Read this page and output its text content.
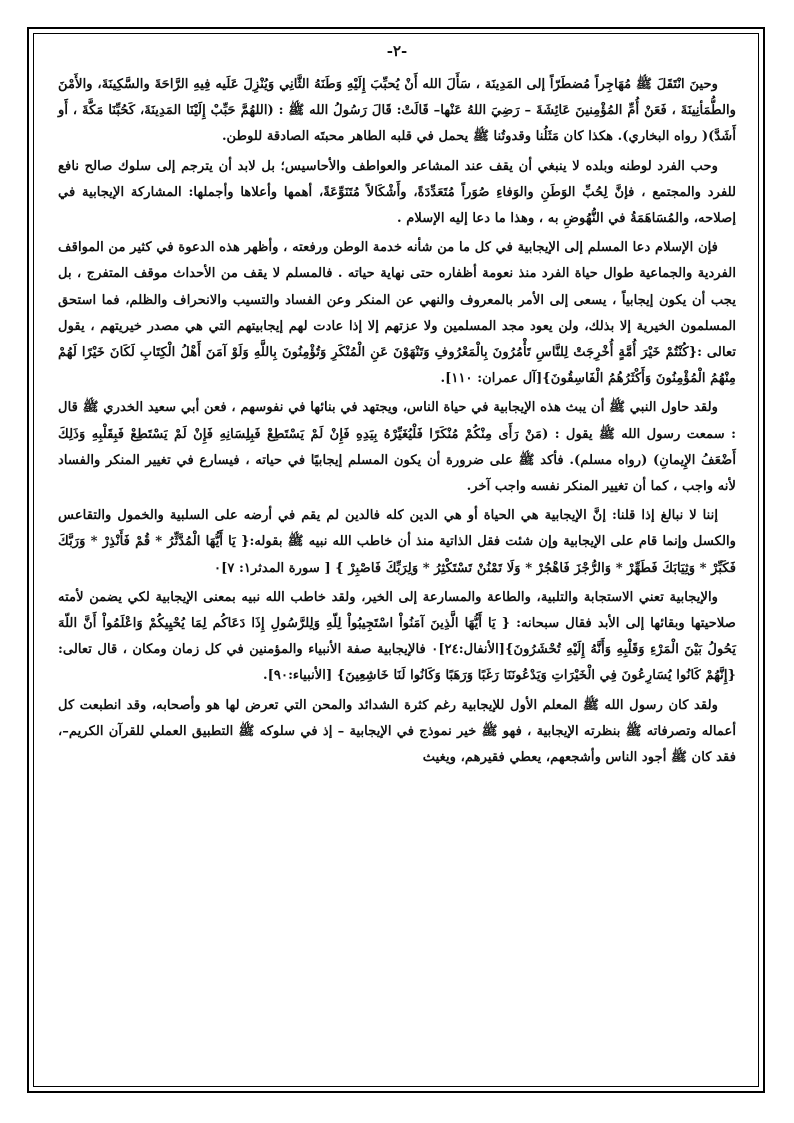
-٢-

وحينَ انْتَقَلَ ﷺ مُهَاجِراً مُضطَرّاً إلى المَدِينَة ، سَأَلَ الله أَنْ يُحبِّبَ إِلَيْهِ وَطَنَهُ الثَّانِي وَيُنْزِلَ عَلَيه فِيهِ الرَّاحَةَ والسَّكِينَةَ، والأَمْنَ والطُّمَأنِينَةَ ، فَعَنْ أُمِّ المُؤْمِنينَ عَائِشَةَ – رَضِيَ اللهُ عَنْها– قَالَتْ: قَالَ رَسُولُ الله ﷺ : (اللهُمَّ حَبِّبْ إِلَيْنَا المَدِينَةَ، كَحُبِّنَا مَكَّةَ ، أَو أَشَدَّ)( رواه البخاري). هكذا كان مَثَلُنا وقدوتُنا ﷺ يحمل في قلبه الطاهر محبتَه الصادقة للوطن.

وحب الفرد لوطنه وبلده لا ينبغي أن يقف عند المشاعر والعواطف والأحاسيس؛ بل لابد أن يترجم إلى سلوك صالح نافع للفرد والمجتمع ، فإنَّ لِحُبِّ الوَطَنِ والوَفاءِ صُوَراً مُتَعَدِّدَةً، وأَشْكَالاً مُتَنَوِّعَةً، أهمها وأعلاها وأجملها: المشاركة الإيجابية في إصلاحه، والمُسَاهَمَةُ في النُّهُوضِ به ، وهذا ما دعا إليه الإسلام .

فإن الإسلام دعا المسلم إلى الإيجابية في كل ما من شأنه خدمة الوطن ورفعته ، وأظهر هذه الدعوة في كثير من المواقف الفردية والجماعية طوال حياة الفرد منذ نعومة أظفاره حتى نهاية حياته . فالمسلم لا يقف من الأحداث موقف المتفرج ، بل يجب أن يكون إيجابياً ، يسعى إلى الأمر بالمعروف والنهي عن المنكر وعن الفساد والتسيب والانحراف والظلم، فما استحق المسلمون الخيرية إلا بذلك، ولن يعود مجد المسلمين ولا عزتهم إلا إذا عادت لهم إيجابيتهم التي هي مصدر خيريتهم ، يقول تعالى :{كُنْتُمْ خَيْرَ أُمَّةٍ أُخْرِجَتْ لِلنَّاسِ تَأْمُرُونَ بِالْمَعْرُوفِ وَتَنْهَوْنَ عَنِ الْمُنْكَرِ وَتُؤْمِنُونَ بِاللَّهِ وَلَوْ آمَنَ أَهْلُ الْكِتَابِ لَكَانَ خَيْرًا لَهُمْ مِنْهُمُ الْمُؤْمِنُونَ وَأَكْثَرُهُمُ الْفَاسِقُونَ}[آل عمران: ١١٠].

ولقد حاول النبي ﷺ أن يبث هذه الإيجابية في حياة الناس، ويجتهد في بنائها في نفوسهم ، فعن أبي سعيد الخدري ﷺ قال : سمعت رسول الله ﷺ يقول : (مَنْ رَأَى مِنْكُمْ مُنْكَرًا فَلْيُغَيِّرْهُ بِيَدِهِ فَإِنْ لَمْ يَسْتَطِعْ فَبِلِسَانِهِ فَإِنْ لَمْ يَسْتَطِعْ فَبِقَلْبِهِ وَذَلِكَ أَضْعَفُ الإِيمانِ) (رواه مسلم). فأكد ﷺ على ضرورة أن يكون المسلم إيجابيًا في حياته ، فيسارع في تغيير المنكر والفساد لأنه واجب ، كما أن تغيير المنكر نفسه واجب آخر.

إننا لا نبالغ إذا قلنا: إنَّ الإيجابية هي الحياة أو هي الدين كله فالدين لم يقم في أرضه على السلبية والخمول والتقاعس والكسل وإنما قام على الإيجابية وإن شئت فقل الذاتية منذ أن خاطب الله نبيه ﷺ بقوله:{ يَا أَيُّهَا الْمُدَّثِّرُ * قُمْ فَأَنْذِرْ * وَرَبَّكَ فَكَبِّرْ * وَثِيَابَكَ فَطَهِّرْ * وَالرُّجْزَ فَاهْجُرْ * وَلَا تَمْنُنْ تَسْتَكْثِرُ * وَلِرَبِّكَ فَاصْبِرْ } [ سورة المدثر١: ٧]٠

والإيجابية تعني الاستجابة والتلبية، والطاعة والمسارعة إلى الخير، ولقد خاطب الله نبيه بمعنى الإيجابية لكي يضمن لأمته صلاحيتها وبقائها إلى الأبد فقال سبحانه: { يَا أَيُّهَا الَّذِينَ آمَنُواْ اسْتَجِيبُواْ لِلّهِ وَلِلرَّسُولِ إِذَا دَعَاكُم لِمَا يُحْيِيكُمْ وَاعْلَمُواْ أَنَّ اللّهَ يَحُولُ بَيْنَ الْمَرْءِ وَقَلْبِهِ وَأَنَّهُ إِلَيْهِ تُحْشَرُونَ}[الأنفال:٢٤]٠ فالإيجابية صفة الأنبياء والمؤمنين في كل زمان ومكان ، قال تعالى:{إِنَّهُمْ كَانُوا يُسَارِعُونَ فِي الْخَيْرَاتِ وَيَدْعُونَنَا رَغَبًا وَرَهَبًا وَكَانُوا لَنَا خَاشِعِينَ} [الأنبياء:٩٠].

ولقد كان رسول الله ﷺ المعلم الأول للإيجابية رغم كثرة الشدائد والمحن التي تعرض لها هو وأصحابه، وقد انطبعت كل أعماله وتصرفاته ﷺ بنظرته الإيجابية ، فهو ﷺ خير نموذج في الإيجابية – إذ في سلوكه ﷺ التطبيق العملي للقرآن الكريم–، فقد كان ﷺ أجود الناس وأشجعهم، يعطي فقيرهم، ويغيث
